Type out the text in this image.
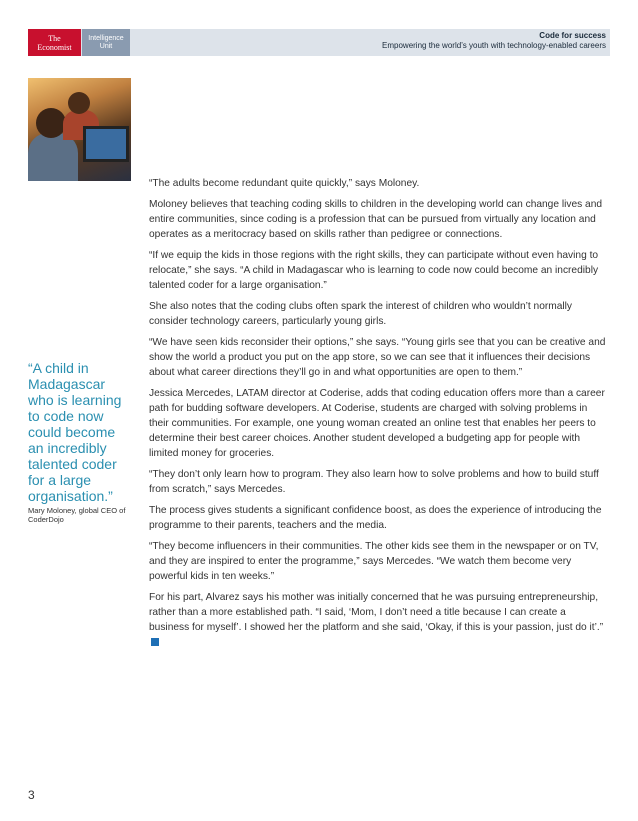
The
Economist
Intelligence
Unit
Code for success
Empowering the world’s youth with technology-enabled careers
“A child in Madagascar who is learning to code now could become an incredibly talented coder for a large organisation.”
Mary Moloney, global CEO of CoderDojo

“The adults become redundant quite quickly,” says Moloney.

Moloney believes that teaching coding skills to children in the developing world can change lives and entire communities, since coding is a profession that can be pursued from virtually any location and operates as a meritocracy based on skills rather than pedigree or connections.

“If we equip the kids in those regions with the right skills, they can participate without even having to relocate,” she says. “A child in Madagascar who is learning to code now could become an incredibly talented coder for a large organisation.”

She also notes that the coding clubs often spark the interest of children who wouldn’t normally consider technology careers, particularly young girls.

“We have seen kids reconsider their options,” she says. “Young girls see that you can be creative and show the world a product you put on the app store, so we can see that it influences their decisions about what career directions they’ll go in and what opportunities are open to them.”

Jessica Mercedes, LATAM director at Coderise, adds that coding education offers more than a career path for budding software developers. At Coderise, students are charged with solving problems in their communities. For example, one young woman created an online test that enables her peers to determine their best career choices. Another student developed a budgeting app for people with limited money for groceries.

“They don’t only learn how to program. They also learn how to solve problems and how to build stuff from scratch,” says Mercedes.

The process gives students a significant confidence boost, as does the experience of introducing the programme to their parents, teachers and the media.

“They become influencers in their communities. The other kids see them in the newspaper or on TV, and they are inspired to enter the programme,” says Mercedes. “We watch them become very powerful kids in ten weeks.”

For his part, Alvarez says his mother was initially concerned that he was pursuing entrepreneurship, rather than a more established path. “I said, ‘Mom, I don’t need a title because I can create a business for myself’. I showed her the platform and she said, ‘Okay, if this is your passion, just do it’.”

3
